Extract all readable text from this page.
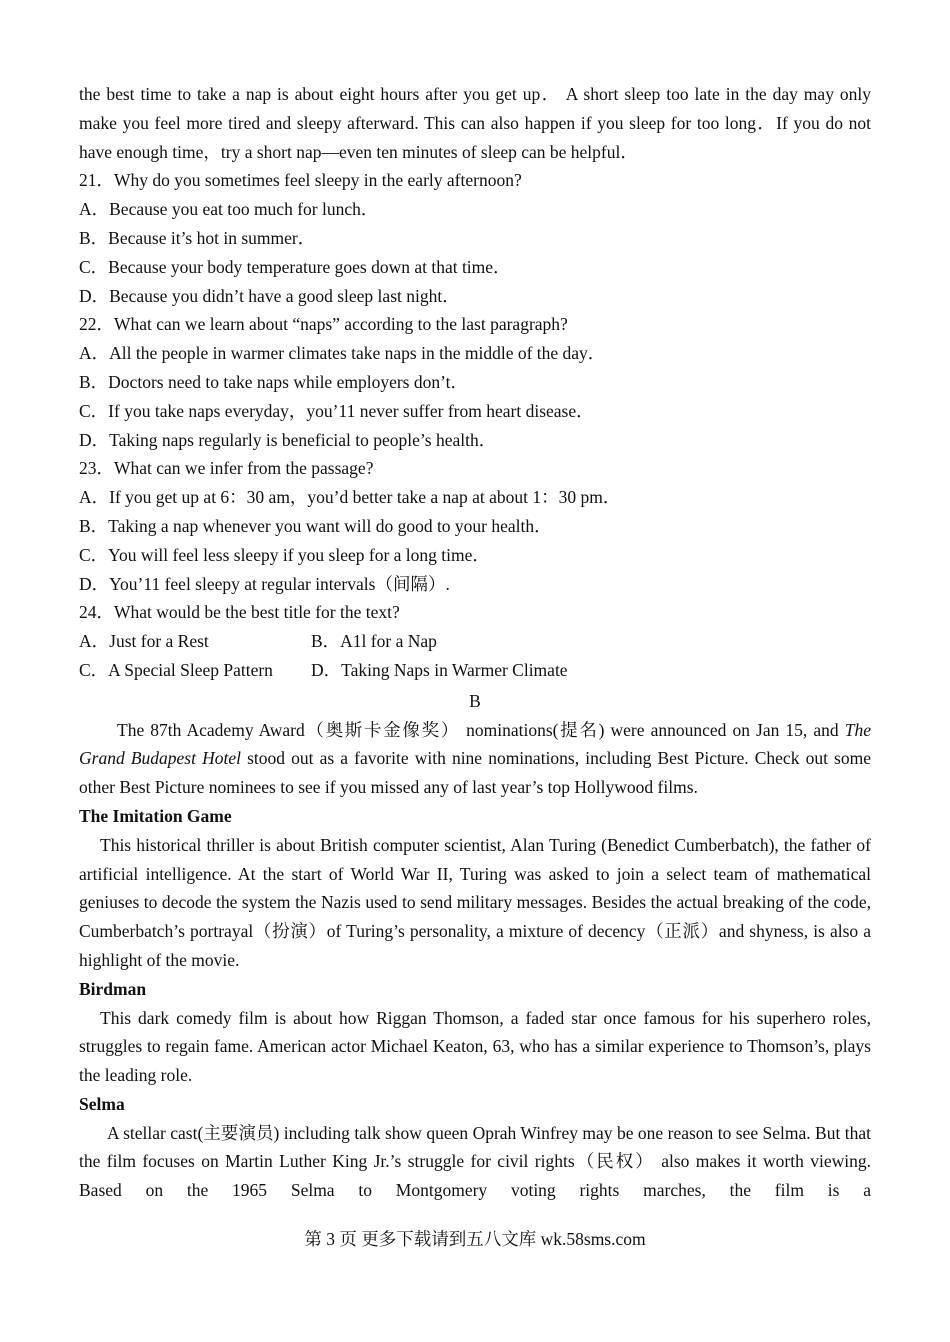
the best time to take a nap is about eight hours after you get up． A short sleep too late in the day may only make you feel more tired and sleepy afterward. This can also happen if you sleep for too long．If you do not have enough time，try a short nap—even ten minutes of sleep can be helpful．

21．Why do you sometimes feel sleepy in the early afternoon?
A．Because you eat too much for lunch．
B．Because it’s hot in summer．
C．Because your body temperature goes down at that time．
D．Because you didn’t have a good sleep last night．
22．What can we learn about “naps” according to the last paragraph?
A．All the people in warmer climates take naps in the middle of the day．
B．Doctors need to take naps while employers don’t．
C．If you take naps everyday，you’11 never suffer from heart disease．
D．Taking naps regularly is beneficial to people’s health．
23．What can we infer from the passage?
A．If you get up at 6：30 am，you’d better take a nap at about 1：30 pm．
B．Taking a nap whenever you want will do good to your health．
C．You will feel less sleepy if you sleep for a long time．
D．You’11 feel sleepy at regular intervals（间隔）.
24．What would be the best title for the text?
A．Just for a Rest	B．A1l for a Nap
C．A Special Sleep Pattern	D．Taking Naps in Warmer Climate
B

The 87th Academy Award（奥斯卡金像奖） nominations(提名) were announced on Jan 15, and The Grand Budapest Hotel stood out as a favorite with nine nominations, including Best Picture. Check out some other Best Picture nominees to see if you missed any of last year’s top Hollywood films.

The Imitation Game

This historical thriller is about British computer scientist, Alan Turing (Benedict Cumberbatch), the father of artificial intelligence. At the start of World War II, Turing was asked to join a select team of mathematical geniuses to decode the system the Nazis used to send military messages. Besides the actual breaking of the code, Cumberbatch’s portrayal（扮演）of Turing’s personality, a mixture of decency（正派）and shyness, is also a highlight of the movie.

Birdman

This dark comedy film is about how Riggan Thomson, a faded star once famous for his superhero roles, struggles to regain fame. American actor Michael Keaton, 63, who has a similar experience to Thomson’s, plays the leading role.

Selma

A stellar cast(主要演员) including talk show queen Oprah Winfrey may be one reason to see Selma. But that the film focuses on Martin Luther King Jr.’s struggle for civil rights（民权） also makes it worth viewing. Based on the 1965 Selma to Montgomery voting rights marches, the film is a

第 3 页 更多下载请到五八文库 wk.58sms.com
